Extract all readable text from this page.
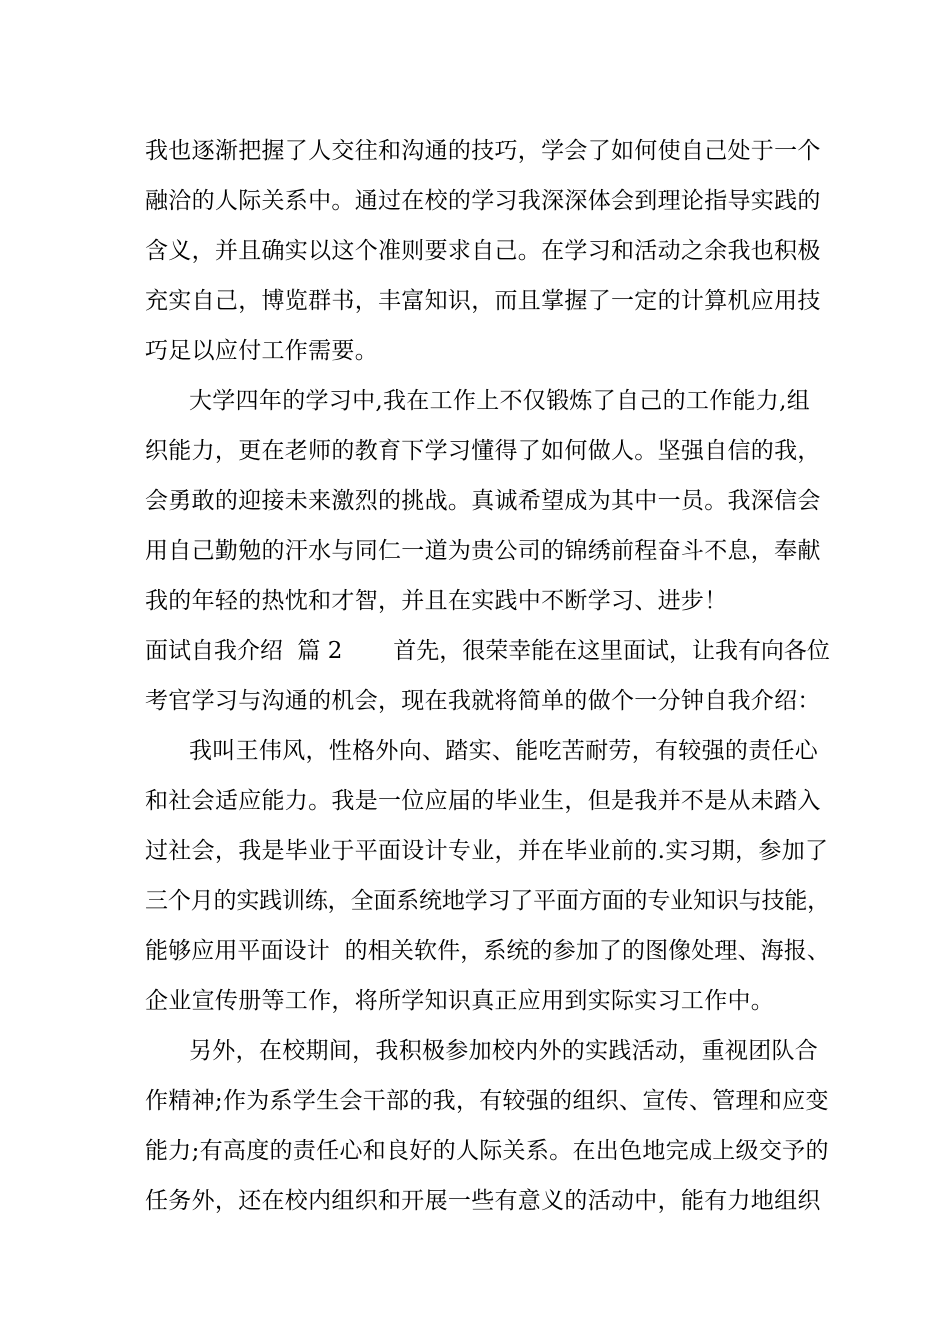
我也逐渐把握了人交往和沟通的技巧，学会了如何使自己处于一个
融洽的人际关系中。通过在校的学习我深深体会到理论指导实践的
含义，并且确实以这个准则要求自己。在学习和活动之余我也积极
充实自己，博览群书，丰富知识，而且掌握了一定的计算机应用技
巧足以应付工作需要。
大学四年的学习中,我在工作上不仅锻炼了自己的工作能力,组
织能力，更在老师的教育下学习懂得了如何做人。坚强自信的我，
会勇敢的迎接未来激烈的挑战。真诚希望成为其中一员。我深信会
用自己勤勉的汗水与同仁一道为贵公司的锦绣前程奋斗不息，奉献
我的年轻的热忱和才智，并且在实践中不断学习、进步！
面试自我介绍  篇 2       首先，很荣幸能在这里面试，让我有向各位
考官学习与沟通的机会，现在我就将简单的做个一分钟自我介绍：
我叫王伟风，性格外向、踏实、能吃苦耐劳，有较强的责任心
和社会适应能力。我是一位应届的毕业生，但是我并不是从未踏入
过社会，我是毕业于平面设计专业，并在毕业前的.实习期，参加了
三个月的实践训练，全面系统地学习了平面方面的专业知识与技能，
能够应用平面设计  的相关软件，系统的参加了的图像处理、海报、
企业宣传册等工作，将所学知识真正应用到实际实习工作中。
另外，在校期间，我积极参加校内外的实践活动，重视团队合
作精神;作为系学生会干部的我，有较强的组织、宣传、管理和应变
能力;有高度的责任心和良好的人际关系。在出色地完成上级交予的
任务外，还在校内组织和开展一些有意义的活动中，能有力地组织
